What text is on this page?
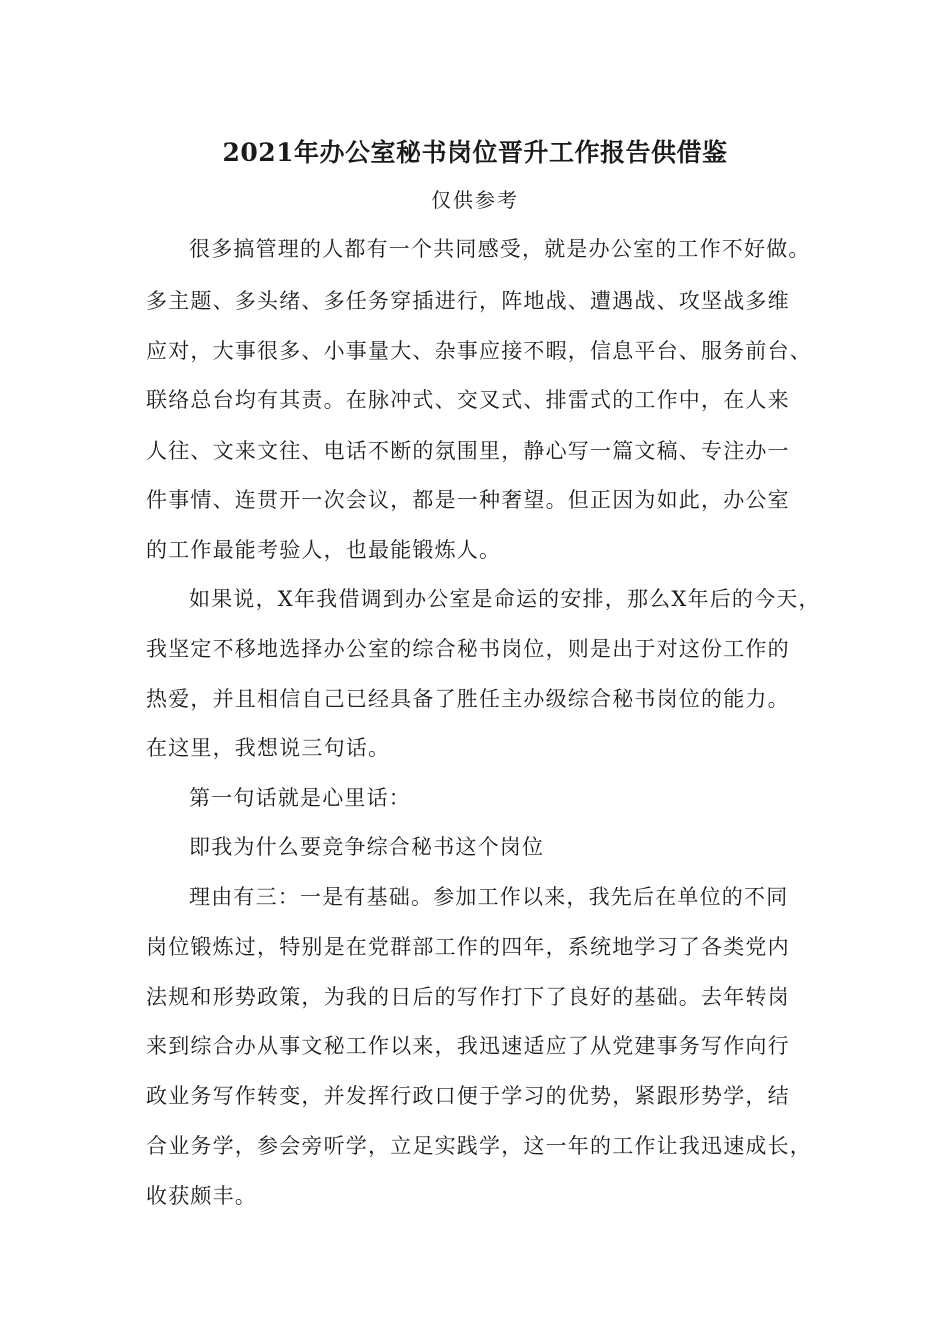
2021年办公室秘书岗位晋升工作报告供借鉴
仅供参考
很多搞管理的人都有一个共同感受，就是办公室的工作不好做。
多主题、多头绪、多任务穿插进行，阵地战、遭遇战、攻坚战多维
应对，大事很多、小事量大、杂事应接不暇，信息平台、服务前台、
联络总台均有其责。在脉冲式、交叉式、排雷式的工作中，在人来
人往、文来文往、电话不断的氛围里，静心写一篇文稿、专注办一
件事情、连贯开一次会议，都是一种奢望。但正因为如此，办公室
的工作最能考验人，也最能锻炼人。
如果说，X年我借调到办公室是命运的安排，那么X年后的今天，
我坚定不移地选择办公室的综合秘书岗位，则是出于对这份工作的
热爱，并且相信自己已经具备了胜任主办级综合秘书岗位的能力。
在这里，我想说三句话。
第一句话就是心里话：
即我为什么要竞争综合秘书这个岗位
理由有三：一是有基础。参加工作以来，我先后在单位的不同
岗位锻炼过，特别是在党群部工作的四年，系统地学习了各类党内
法规和形势政策，为我的日后的写作打下了良好的基础。去年转岗
来到综合办从事文秘工作以来，我迅速适应了从党建事务写作向行
政业务写作转变，并发挥行政口便于学习的优势，紧跟形势学，结
合业务学，参会旁听学，立足实践学，这一年的工作让我迅速成长，
收获颇丰。
